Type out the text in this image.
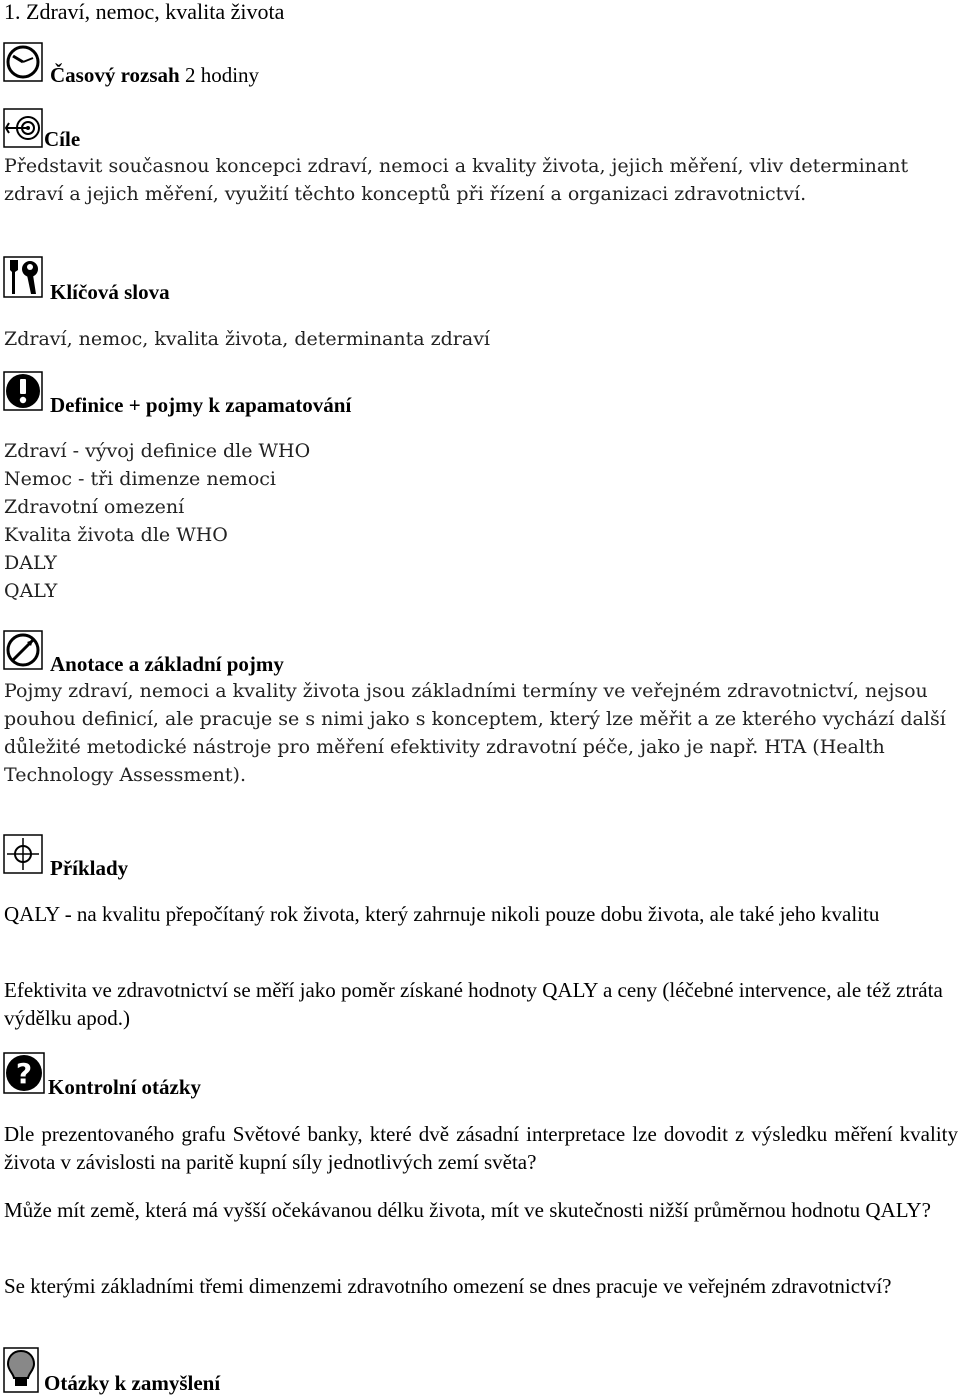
1. Zdraví, nemoc, kvalita života
Časový rozsah 2 hodiny
Cíle
Představit současnou koncepci zdraví, nemoci a kvality života, jejich měření, vliv determinant
zdraví a jejich měření, využití těchto konceptů při řízení a organizaci zdravotnictví.
Klíčová slova
Zdraví, nemoc, kvalita života, determinanta zdraví
Definice + pojmy k zapamatování
Zdraví - vývoj definice dle WHO
Nemoc - tři dimenze nemoci
Zdravotní omezení
Kvalita života dle WHO
DALY
QALY
Anotace a základní pojmy
Pojmy zdraví, nemoci a kvality života jsou základními termíny ve veřejném zdravotnictví, nejsou
pouhou definicí, ale pracuje se s nimi jako s konceptem, který lze měřit a ze kterého vychází další
důležité metodické nástroje pro měření efektivity zdravotní péče, jako je např. HTA (Health
Technology Assessment).
Příklady
QALY - na kvalitu přepočítaný rok života, který zahrnuje nikoli pouze dobu života, ale také jeho kvalitu
Efektivita ve zdravotnictví se měří jako poměr získané hodnoty QALY a ceny (léčebné intervence, ale též ztráta výdělku apod.)
? Kontrolní otázky
Dle prezentovaného grafu Světové banky, které dvě zásadní interpretace lze dovodit z výsledku měření kvality života v závislosti na paritě kupní síly jednotlivých zemí světa?
Může mít země, která má vyšší očekávanou délku života, mít ve skutečnosti nižší průměrnou hodnotu QALY?
Se kterými základními třemi dimenzemi zdravotního omezení se dnes pracuje ve veřejném zdravotnictví?
Otázky k zamyšlení
